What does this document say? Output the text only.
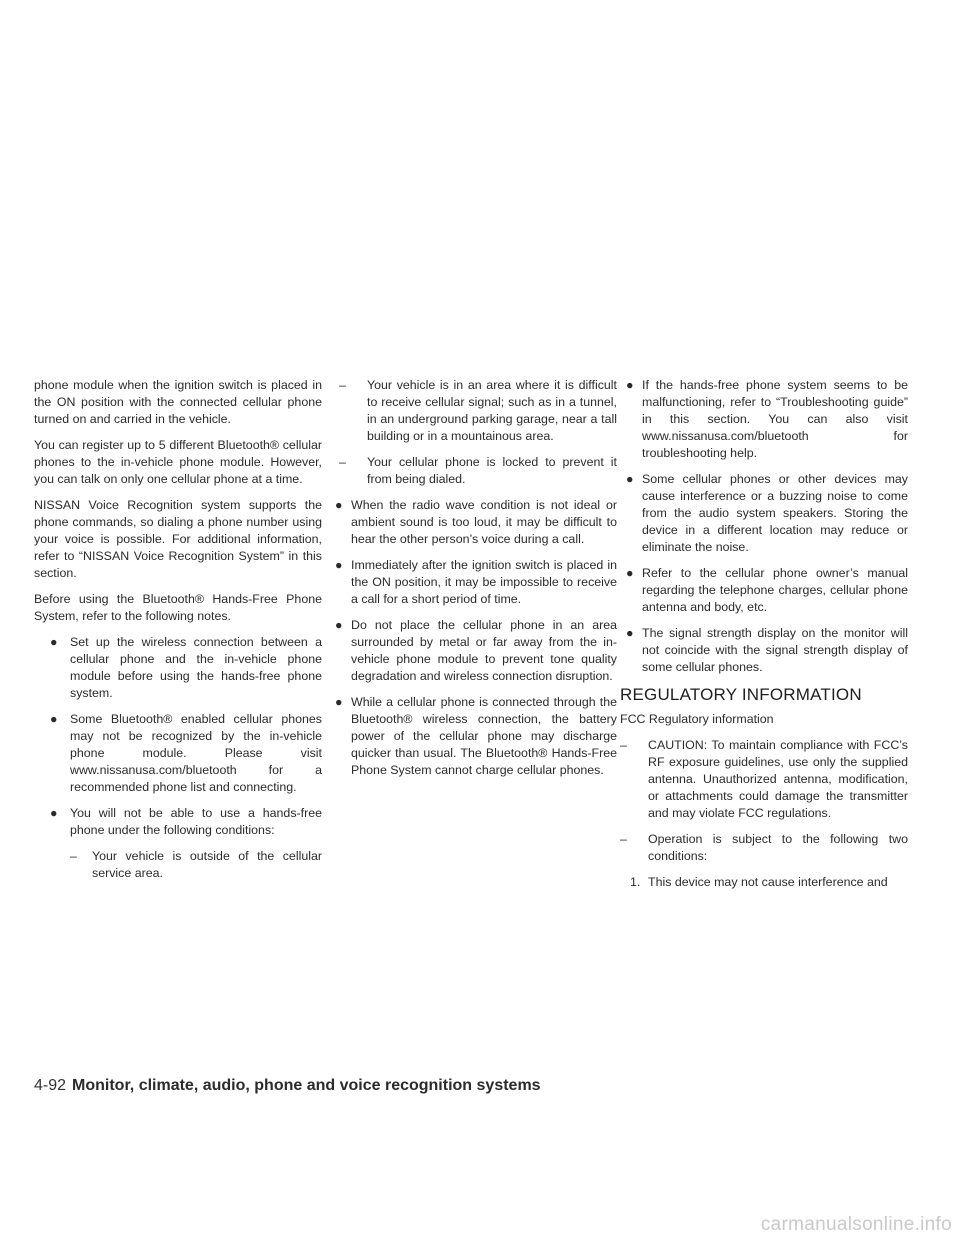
phone module when the ignition switch is placed in the ON position with the connected cellular phone turned on and carried in the vehicle.

You can register up to 5 different Bluetooth® cellular phones to the in-vehicle phone module. However, you can talk on only one cellular phone at a time.

NISSAN Voice Recognition system supports the phone commands, so dialing a phone number using your voice is possible. For additional information, refer to “NISSAN Voice Recognition System” in this section.

Before using the Bluetooth® Hands-Free Phone System, refer to the following notes.

● Set up the wireless connection between a cellular phone and the in-vehicle phone module before using the hands-free phone system.
● Some Bluetooth® enabled cellular phones may not be recognized by the in-vehicle phone module. Please visit www.nissanusa.com/bluetooth for a recommended phone list and connecting.
● You will not be able to use a hands-free phone under the following conditions:
– Your vehicle is outside of the cellular service area.
– Your vehicle is in an area where it is difficult to receive cellular signal; such as in a tunnel, in an underground parking garage, near a tall building or in a mountainous area.
– Your cellular phone is locked to prevent it from being dialed.
● When the radio wave condition is not ideal or ambient sound is too loud, it may be difficult to hear the other person’s voice during a call.
● Immediately after the ignition switch is placed in the ON position, it may be impossible to receive a call for a short period of time.
● Do not place the cellular phone in an area surrounded by metal or far away from the in-vehicle phone module to prevent tone quality degradation and wireless connection disruption.
● While a cellular phone is connected through the Bluetooth® wireless connection, the battery power of the cellular phone may discharge quicker than usual. The Bluetooth® Hands-Free Phone System cannot charge cellular phones.
● If the hands-free phone system seems to be malfunctioning, refer to “Troubleshooting guide” in this section. You can also visit www.nissanusa.com/bluetooth for troubleshooting help.
● Some cellular phones or other devices may cause interference or a buzzing noise to come from the audio system speakers. Storing the device in a different location may reduce or eliminate the noise.
● Refer to the cellular phone owner’s manual regarding the telephone charges, cellular phone antenna and body, etc.
● The signal strength display on the monitor will not coincide with the signal strength display of some cellular phones.
REGULATORY INFORMATION

FCC Regulatory information

– CAUTION: To maintain compliance with FCC’s RF exposure guidelines, use only the supplied antenna. Unauthorized antenna, modification, or attachments could damage the transmitter and may violate FCC regulations.
– Operation is subject to the following two conditions:
1. This device may not cause interference and
4-92 Monitor, climate, audio, phone and voice recognition systems
carmanualsonline.info
